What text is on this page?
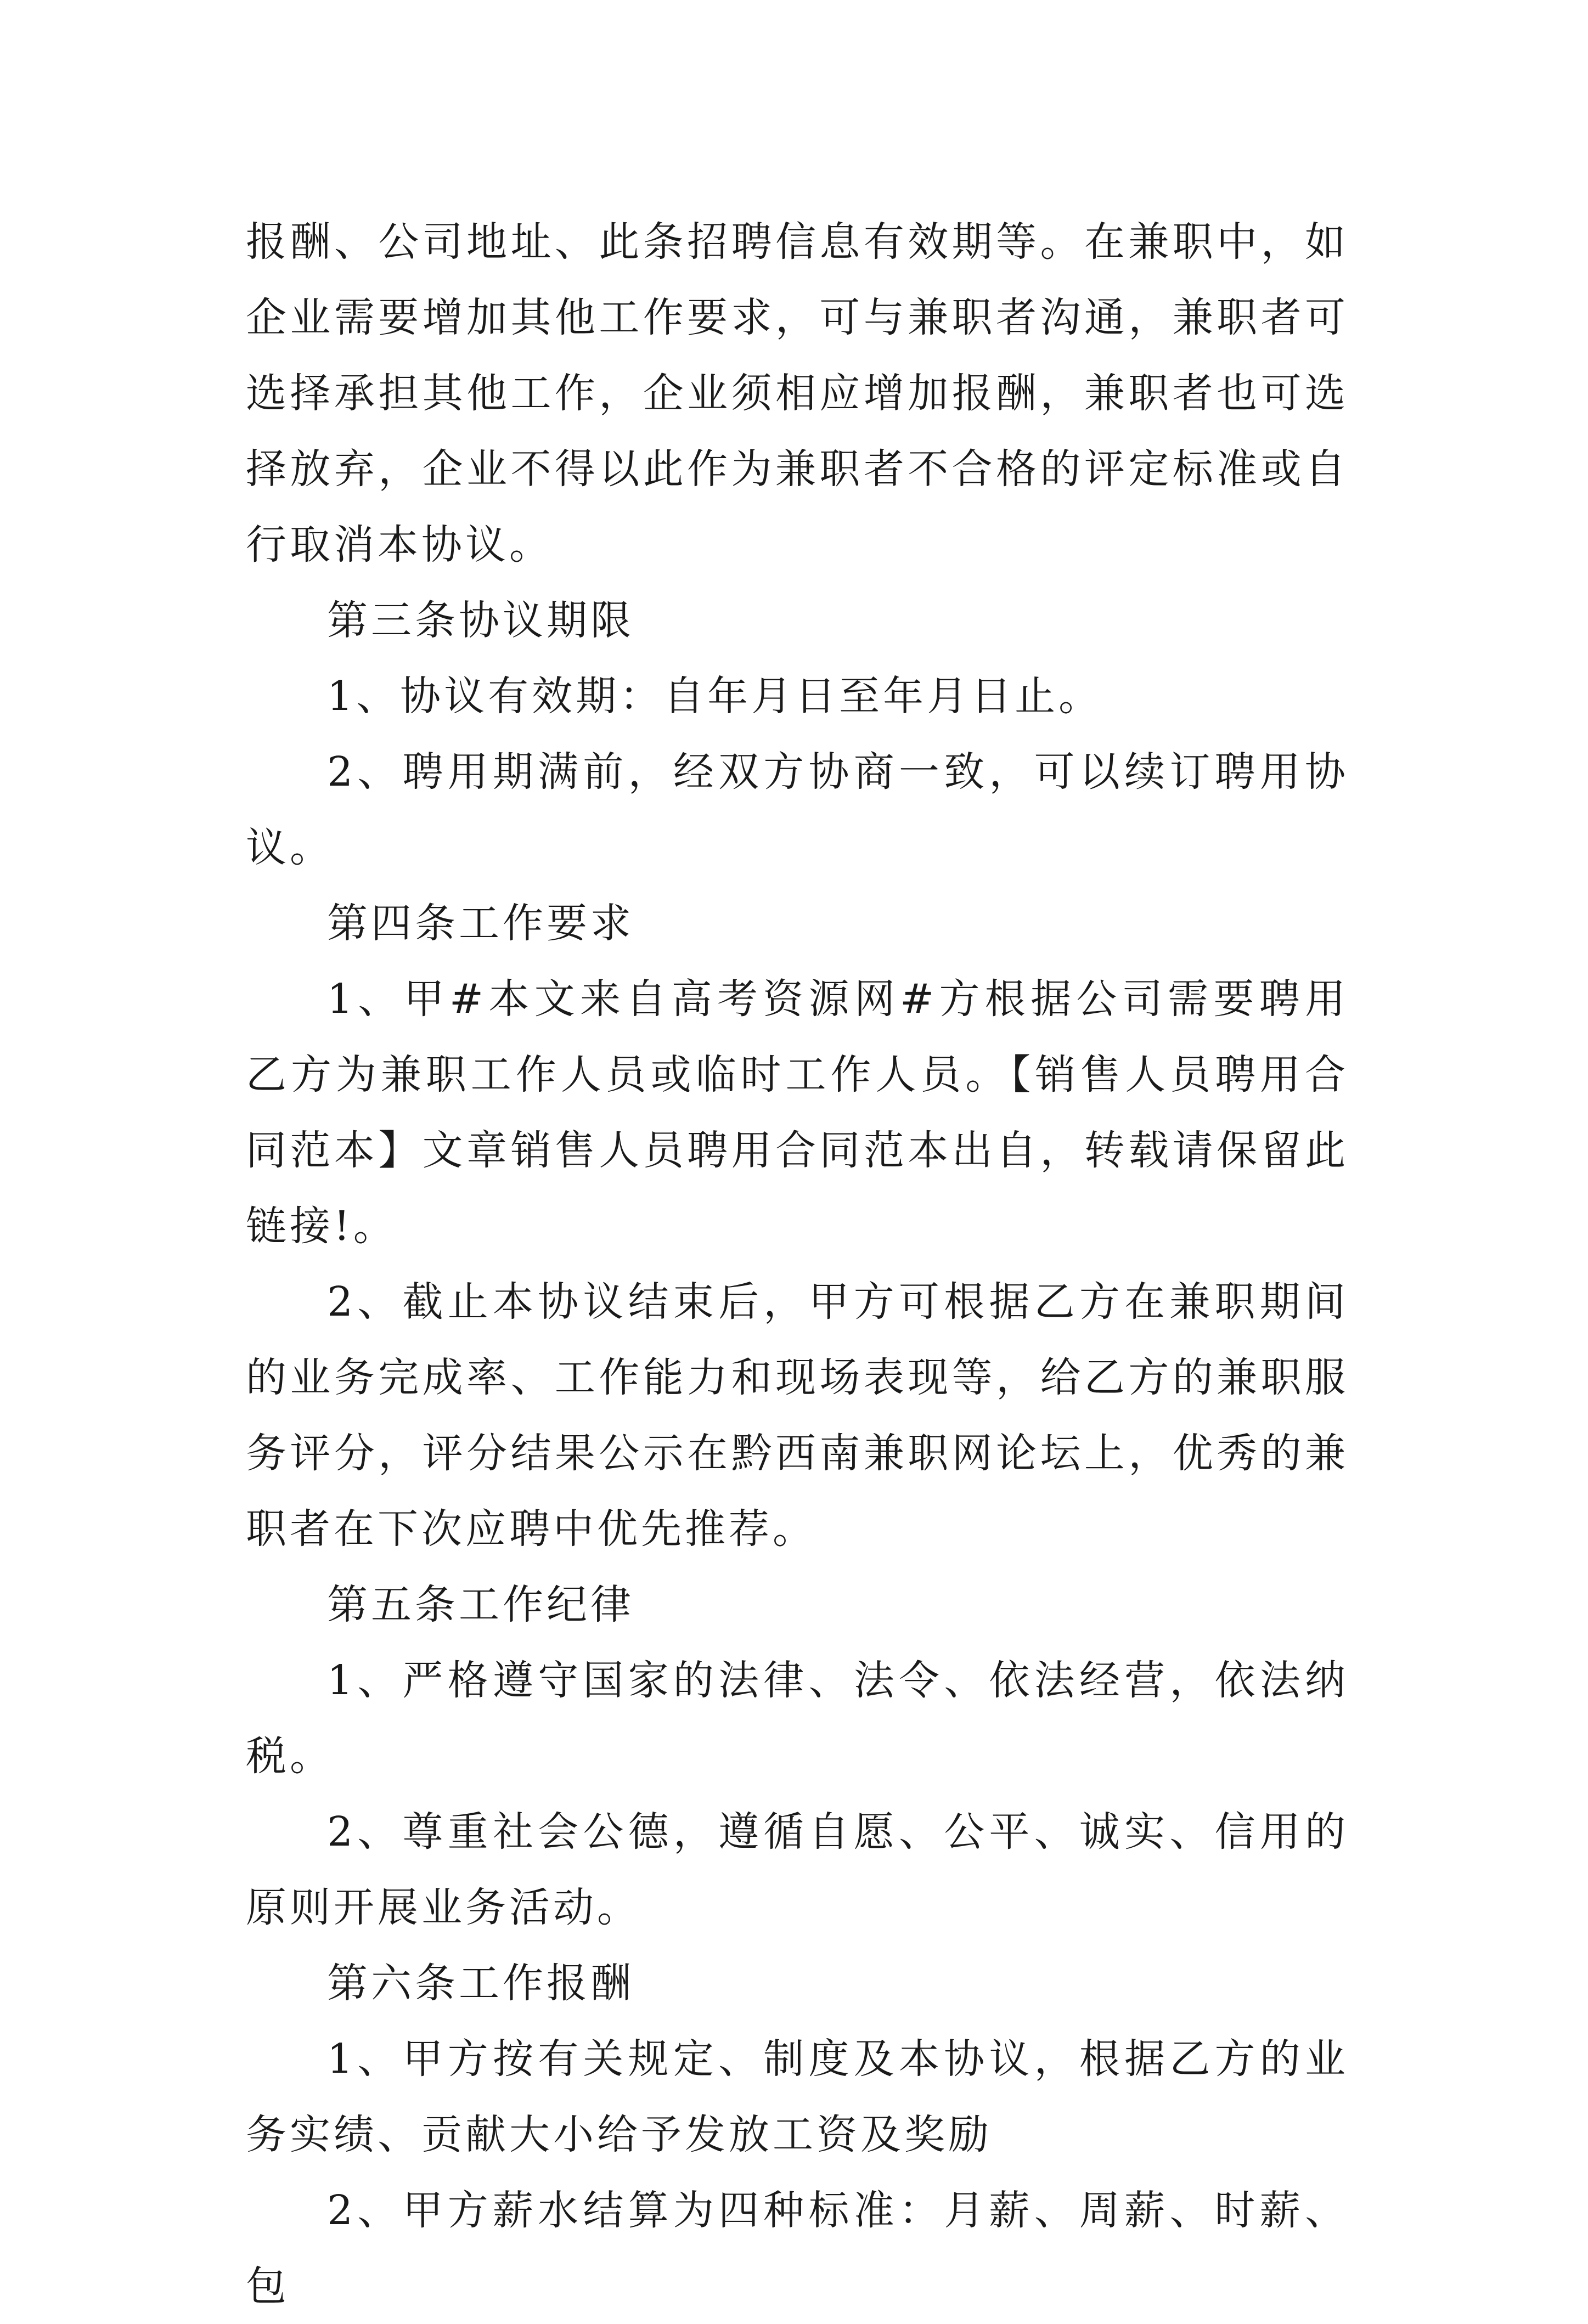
报酬、公司地址、此条招聘信息有效期等。在兼职中，如企业需要增加其他工作要求，可与兼职者沟通，兼职者可选择承担其他工作，企业须相应增加报酬，兼职者也可选择放弃，企业不得以此作为兼职者不合格的评定标准或自行取消本协议。

第三条协议期限

1、协议有效期：自年月日至年月日止。

2、聘用期满前，经双方协商一致，可以续订聘用协议。

第四条工作要求

1、甲#本文来自高考资源网#方根据公司需要聘用乙方为兼职工作人员或临时工作人员。【销售人员聘用合同范本】文章销售人员聘用合同范本出自，转载请保留此链接!。

2、截止本协议结束后，甲方可根据乙方在兼职期间的业务完成率、工作能力和现场表现等，给乙方的兼职服务评分，评分结果公示在黔西南兼职网论坛上，优秀的兼职者在下次应聘中优先推荐。

第五条工作纪律

1、严格遵守国家的法律、法令、依法经营，依法纳税。

2、尊重社会公德，遵循自愿、公平、诚实、信用的原则开展业务活动。

第六条工作报酬

1、甲方按有关规定、制度及本协议，根据乙方的业务实绩、贡献大小给予发放工资及奖励

2、甲方薪水结算为四种标准：月薪、周薪、时薪、包
